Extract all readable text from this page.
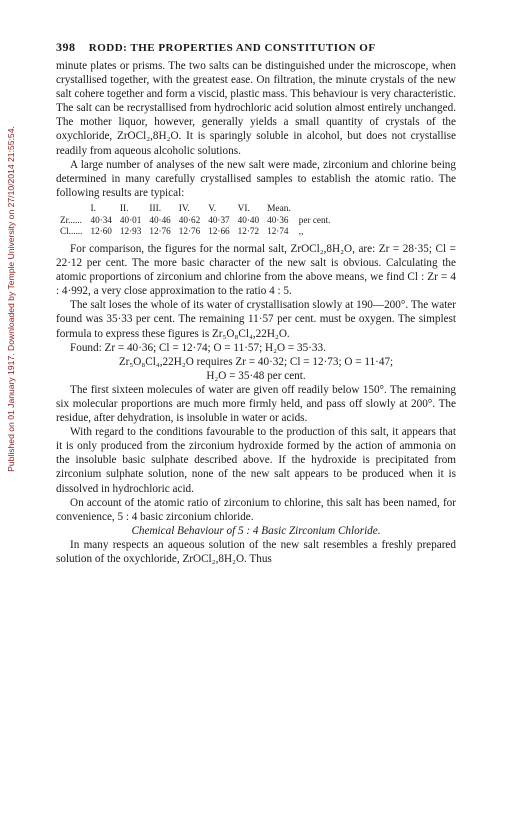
Published on 01 January 1917. Downloaded by Temple University on 27/10/2014 21:55:54.
398 RODD: THE PROPERTIES AND CONSTITUTION OF

minute plates or prisms. The two salts can be distinguished under the microscope, when crystallised together, with the greatest ease. On filtration, the minute crystals of the new salt cohere together and form a viscid, plastic mass. This behaviour is very characteristic. The salt can be recrystallised from hydrochloric acid solution almost entirely unchanged. The mother liquor, however, generally yields a small quantity of crystals of the oxychloride, ZrOCl₂,8H₂O. It is sparingly soluble in alcohol, but does not crystallise readily from aqueous alcoholic solutions.

A large number of analyses of the new salt were made, zirconium and chlorine being determined in many carefully crystallised samples to establish the atomic ratio. The following results are typical:

	I.	II.	III.	IV.	V.	VI.	Mean.	
Zr......	40·34	40·01	40·46	40·62	40·37	40·40	40·36	per cent.
Cl......	12·60	12·93	12·76	12·76	12·66	12·72	12·74	,,

For comparison, the figures for the normal salt, ZrOCl₂,8H₂O, are: Zr = 28·35; Cl = 22·12 per cent. The more basic character of the new salt is obvious. Calculating the atomic proportions of zirconium and chlorine from the above means, we find Cl : Zr = 4 : 4·992, a very close approximation to the ratio 4 : 5.

The salt loses the whole of its water of crystallisation slowly at 190—200°. The water found was 35·33 per cent. The remaining 11·57 per cent. must be oxygen. The simplest formula to express these figures is Zr₅O₈Cl₄,22H₂O.

Found: Zr = 40·36; Cl = 12·74; O = 11·57; H₂O = 35·33.

Zr₅O₈Cl₄,22H₂O requires Zr = 40·32; Cl = 12·73; O = 11·47;

H₂O = 35·48 per cent.

The first sixteen molecules of water are given off readily below 150°. The remaining six molecular proportions are much more firmly held, and pass off slowly at 200°. The residue, after dehydration, is insoluble in water or acids.

With regard to the conditions favourable to the production of this salt, it appears that it is only produced from the zirconium hydroxide formed by the action of ammonia on the insoluble basic sulphate described above. If the hydroxide is precipitated from zirconium sulphate solution, none of the new salt appears to be produced when it is dissolved in hydrochloric acid.

On account of the atomic ratio of zirconium to chlorine, this salt has been named, for convenience, 5 : 4 basic zirconium chloride.

Chemical Behaviour of 5 : 4 Basic Zirconium Chloride.

In many respects an aqueous solution of the new salt resembles a freshly prepared solution of the oxychloride, ZrOCl₂,8H₂O. Thus
